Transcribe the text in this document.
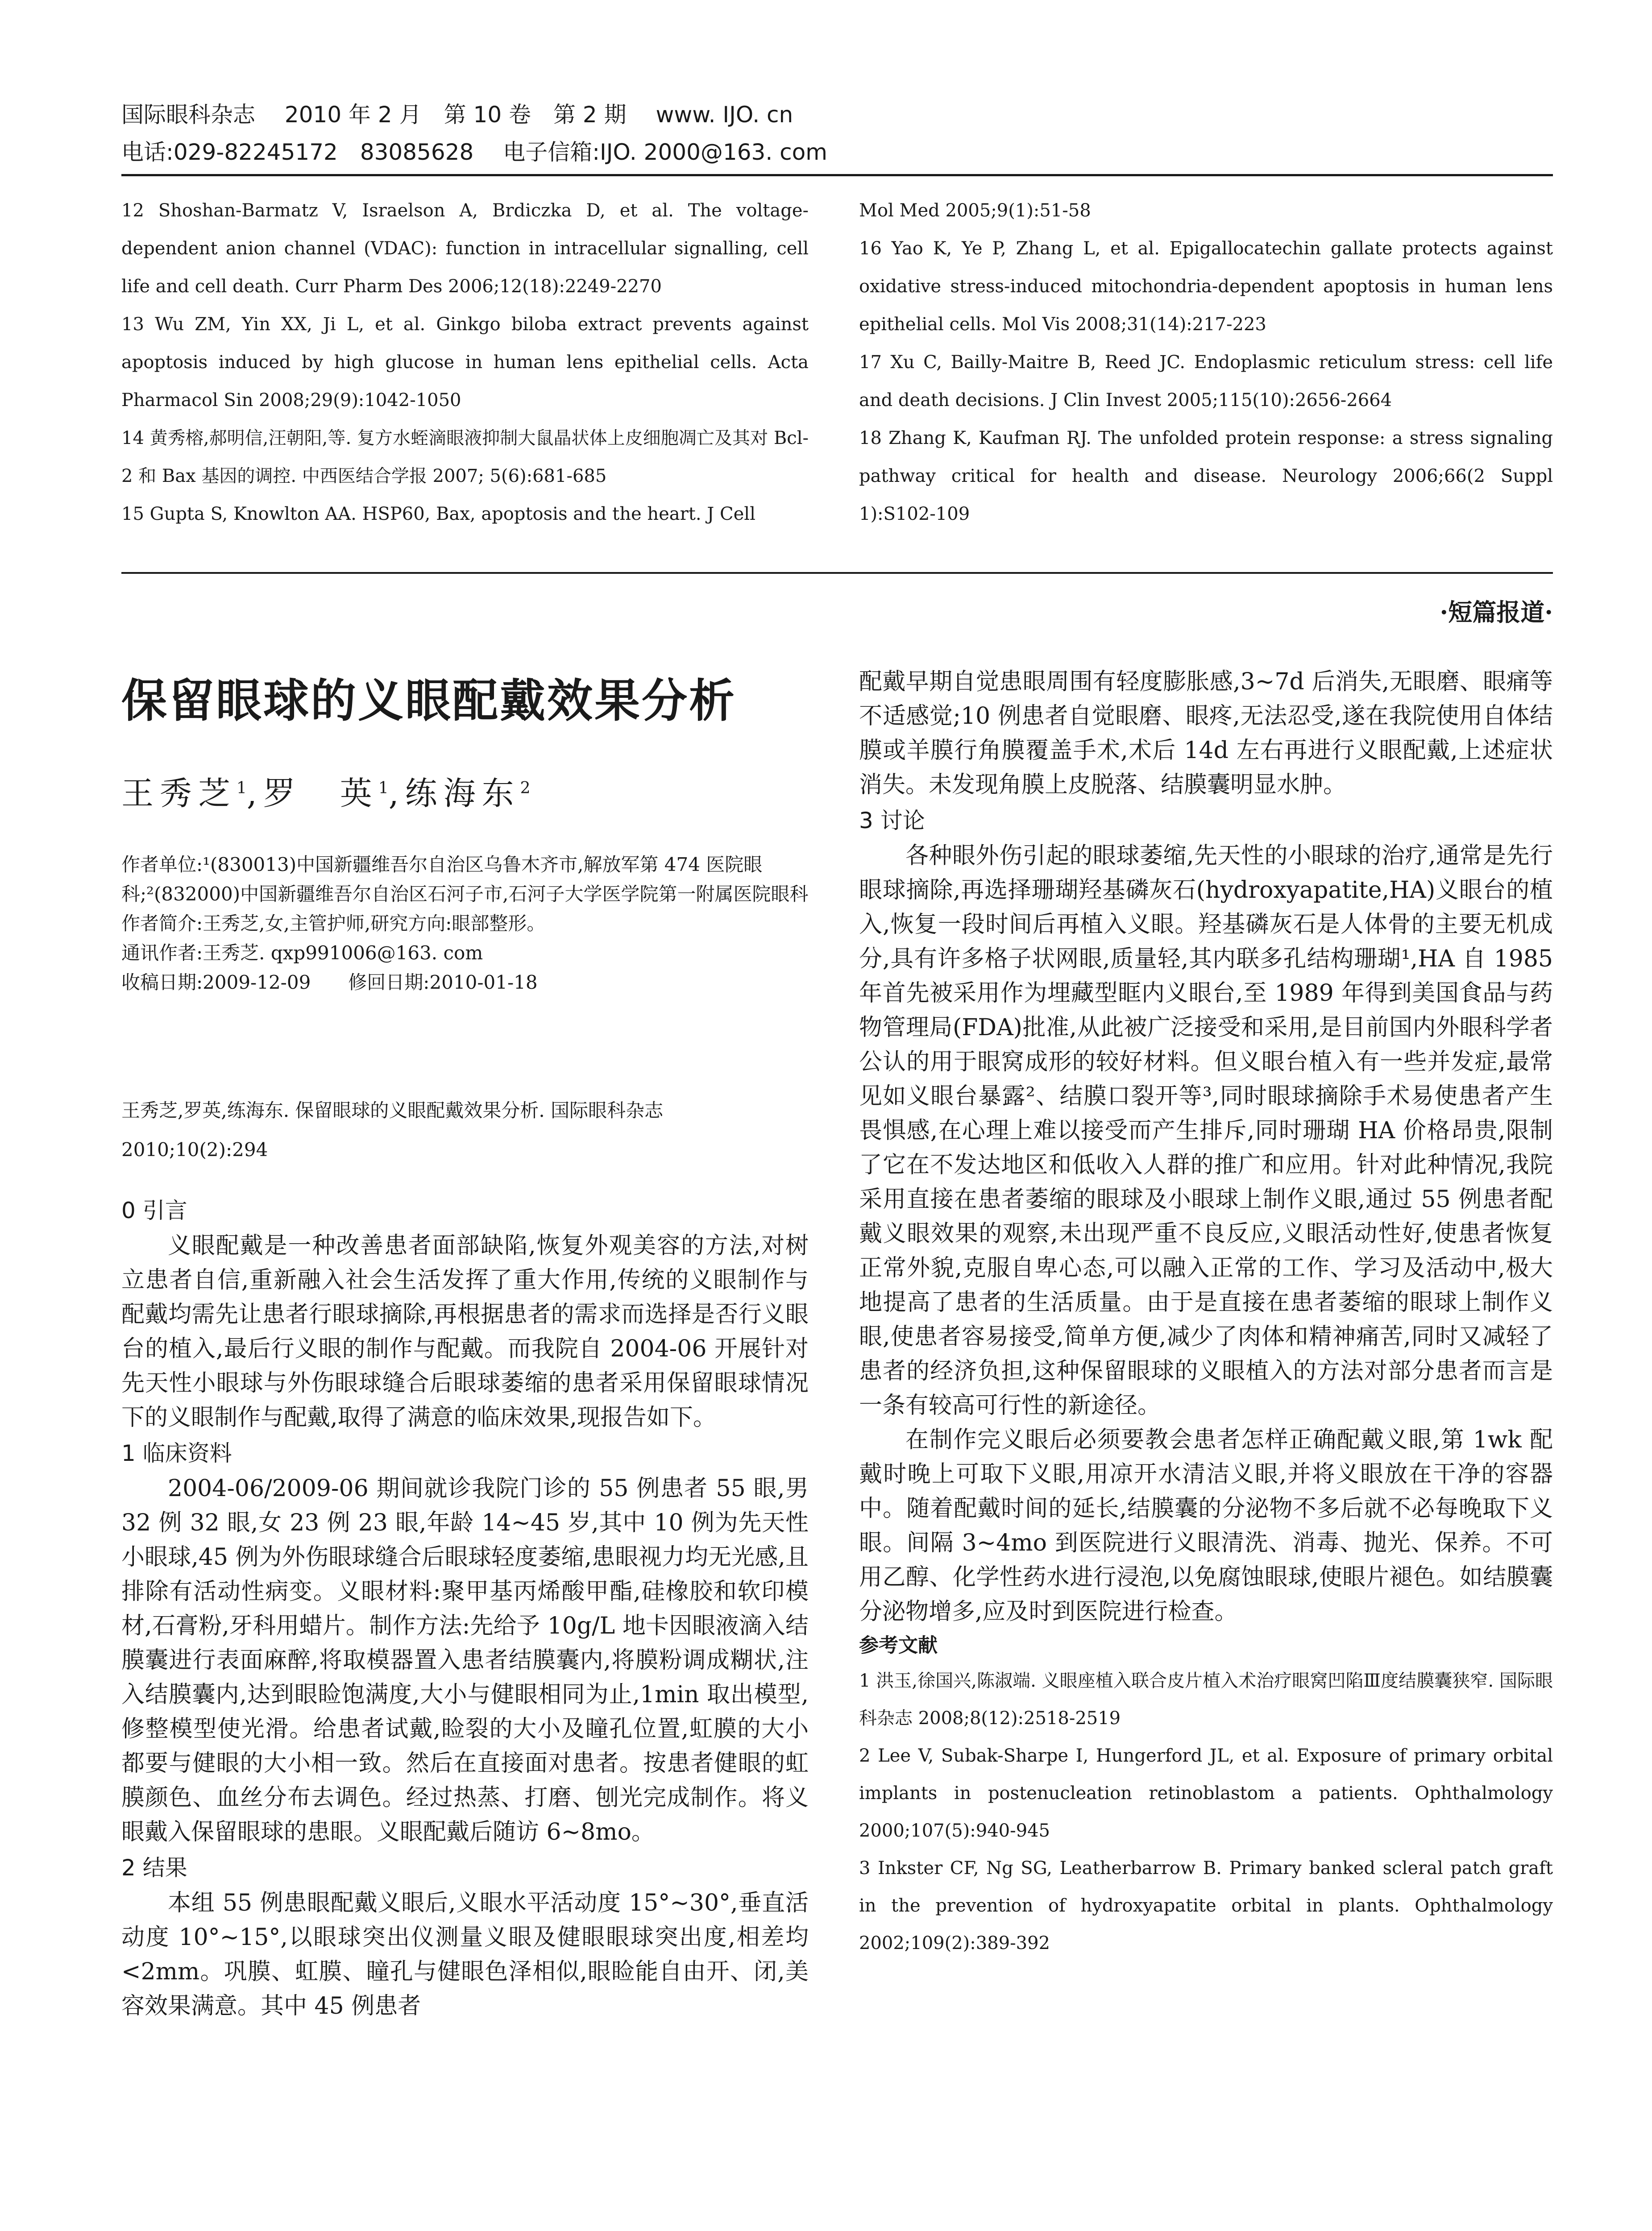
国际眼科杂志　 2010 年 2 月　第 10 卷　第 2 期　 www. IJO. cn
电话:029-82245172　83085628　 电子信箱:IJO. 2000@163. com

12 Shoshan-Barmatz V, Israelson A, Brdiczka D, et al. The voltage-dependent anion channel (VDAC): function in intracellular signalling, cell life and cell death. Curr Pharm Des 2006;12(18):2249-2270

13 Wu ZM, Yin XX, Ji L, et al. Ginkgo biloba extract prevents against apoptosis induced by high glucose in human lens epithelial cells. Acta Pharmacol Sin 2008;29(9):1042-1050

14 黄秀榕,郝明信,汪朝阳,等. 复方水蛭滴眼液抑制大鼠晶状体上皮细胞凋亡及其对 Bcl-2 和 Bax 基因的调控. 中西医结合学报 2007; 5(6):681-685

15 Gupta S, Knowlton AA. HSP60, Bax, apoptosis and the heart. J Cell

Mol Med 2005;9(1):51-58

16 Yao K, Ye P, Zhang L, et al. Epigallocatechin gallate protects against oxidative stress-induced mitochondria-dependent apoptosis in human lens epithelial cells. Mol Vis 2008;31(14):217-223

17 Xu C, Bailly-Maitre B, Reed JC. Endoplasmic reticulum stress: cell life and death decisions. J Clin Invest 2005;115(10):2656-2664

18 Zhang K, Kaufman RJ. The unfolded protein response: a stress signaling pathway critical for health and disease. Neurology 2006;66(2 Suppl 1):S102-109

·短篇报道·
保留眼球的义眼配戴效果分析
王秀芝$^1$,罗　英$^1$,练海东$^2$
作者单位:¹(830013)中国新疆维吾尔自治区乌鲁木齐市,解放军第 474 医院眼科;²(832000)中国新疆维吾尔自治区石河子市,石河子大学医学院第一附属医院眼科
作者简介:王秀芝,女,主管护师,研究方向:眼部整形。
通讯作者:王秀芝. qxp991006@163. com
收稿日期:2009-12-09　　修回日期:2010-01-18
王秀芝,罗英,练海东. 保留眼球的义眼配戴效果分析. 国际眼科杂志 2010;10(2):294
0 引言

义眼配戴是一种改善患者面部缺陷,恢复外观美容的方法,对树立患者自信,重新融入社会生活发挥了重大作用,传统的义眼制作与配戴均需先让患者行眼球摘除,再根据患者的需求而选择是否行义眼台的植入,最后行义眼的制作与配戴。而我院自 2004-06 开展针对先天性小眼球与外伤眼球缝合后眼球萎缩的患者采用保留眼球情况下的义眼制作与配戴,取得了满意的临床效果,现报告如下。

1 临床资料

2004-06/2009-06 期间就诊我院门诊的 55 例患者 55 眼,男 32 例 32 眼,女 23 例 23 眼,年龄 14~45 岁,其中 10 例为先天性小眼球,45 例为外伤眼球缝合后眼球轻度萎缩,患眼视力均无光感,且排除有活动性病变。义眼材料:聚甲基丙烯酸甲酯,硅橡胶和软印模材,石膏粉,牙科用蜡片。制作方法:先给予 10g/L 地卡因眼液滴入结膜囊进行表面麻醉,将取模器置入患者结膜囊内,将膜粉调成糊状,注入结膜囊内,达到眼睑饱满度,大小与健眼相同为止,1min 取出模型,修整模型使光滑。给患者试戴,睑裂的大小及瞳孔位置,虹膜的大小都要与健眼的大小相一致。然后在直接面对患者。按患者健眼的虹膜颜色、血丝分布去调色。经过热蒸、打磨、刨光完成制作。将义眼戴入保留眼球的患眼。义眼配戴后随访 6~8mo。

2 结果

本组 55 例患眼配戴义眼后,义眼水平活动度 15°~30°,垂直活动度 10°~15°,以眼球突出仪测量义眼及健眼眼球突出度,相差均<2mm。巩膜、虹膜、瞳孔与健眼色泽相似,眼睑能自由开、闭,美容效果满意。其中 45 例患者

配戴早期自觉患眼周围有轻度膨胀感,3~7d 后消失,无眼磨、眼痛等不适感觉;10 例患者自觉眼磨、眼疼,无法忍受,遂在我院使用自体结膜或羊膜行角膜覆盖手术,术后 14d 左右再进行义眼配戴,上述症状消失。未发现角膜上皮脱落、结膜囊明显水肿。

3 讨论

各种眼外伤引起的眼球萎缩,先天性的小眼球的治疗,通常是先行眼球摘除,再选择珊瑚羟基磷灰石(hydroxyapatite,HA)义眼台的植入,恢复一段时间后再植入义眼。羟基磷灰石是人体骨的主要无机成分,具有许多格子状网眼,质量轻,其内联多孔结构珊瑚¹,HA 自 1985 年首先被采用作为埋藏型眶内义眼台,至 1989 年得到美国食品与药物管理局(FDA)批准,从此被广泛接受和采用,是目前国内外眼科学者公认的用于眼窝成形的较好材料。但义眼台植入有一些并发症,最常见如义眼台暴露²、结膜口裂开等³,同时眼球摘除手术易使患者产生畏惧感,在心理上难以接受而产生排斥,同时珊瑚 HA 价格昂贵,限制了它在不发达地区和低收入人群的推广和应用。针对此种情况,我院采用直接在患者萎缩的眼球及小眼球上制作义眼,通过 55 例患者配戴义眼效果的观察,未出现严重不良反应,义眼活动性好,使患者恢复正常外貌,克服自卑心态,可以融入正常的工作、学习及活动中,极大地提高了患者的生活质量。由于是直接在患者萎缩的眼球上制作义眼,使患者容易接受,简单方便,减少了肉体和精神痛苦,同时又减轻了患者的经济负担,这种保留眼球的义眼植入的方法对部分患者而言是一条有较高可行性的新途径。

在制作完义眼后必须要教会患者怎样正确配戴义眼,第 1wk 配戴时晚上可取下义眼,用凉开水清洁义眼,并将义眼放在干净的容器中。随着配戴时间的延长,结膜囊的分泌物不多后就不必每晚取下义眼。间隔 3~4mo 到医院进行义眼清洗、消毒、抛光、保养。不可用乙醇、化学性药水进行浸泡,以免腐蚀眼球,使眼片褪色。如结膜囊分泌物增多,应及时到医院进行检查。

参考文献

1 洪玉,徐国兴,陈淑端. 义眼座植入联合皮片植入术治疗眼窝凹陷Ⅲ度结膜囊狭窄. 国际眼科杂志 2008;8(12):2518-2519

2 Lee V, Subak-Sharpe I, Hungerford JL, et al. Exposure of primary orbital implants in postenucleation retinoblastom a patients. Ophthalmology 2000;107(5):940-945

3 Inkster CF, Ng SG, Leatherbarrow B. Primary banked scleral patch graft in the prevention of hydroxyapatite orbital in plants. Ophthalmology 2002;109(2):389-392
